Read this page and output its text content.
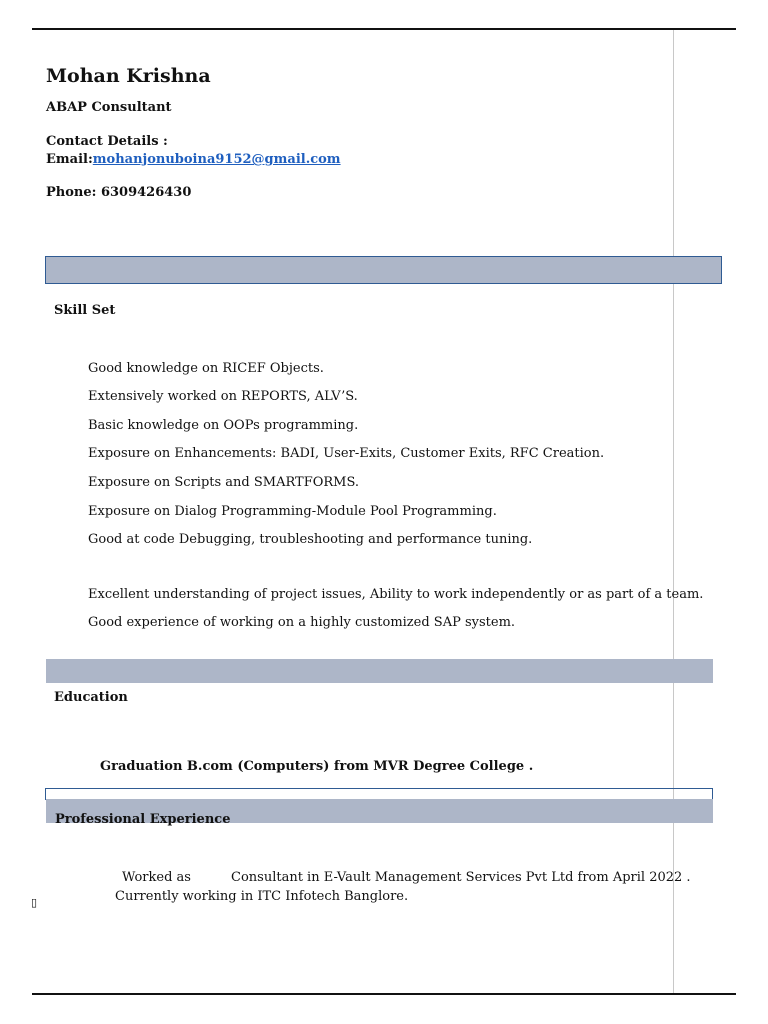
Mohan Krishna
ABAP Consultant
Contact Details :
Email:mohanjonuboina9152@gmail.com
Phone: 6309426430
Skill Set
Good knowledge on RICEF Objects.
Extensively worked on REPORTS, ALV’S.
Basic knowledge on OOPs programming.
Exposure on Enhancements: BADI, User-Exits, Customer Exits, RFC Creation.
Exposure on Scripts and SMARTFORMS.
Exposure on Dialog Programming-Module Pool Programming.
Good at code Debugging, troubleshooting and performance tuning.
Excellent understanding of project issues, Ability to work independently or as part of a team.
Good experience of working on a highly customized SAP system.
Education
Graduation B.com (Computers) from MVR Degree College .
Professional Experience
Worked as	Consultant in E-Vault Management Services Pvt Ltd from April 2022 .
Currently working in ITC Infotech Banglore.
▯
